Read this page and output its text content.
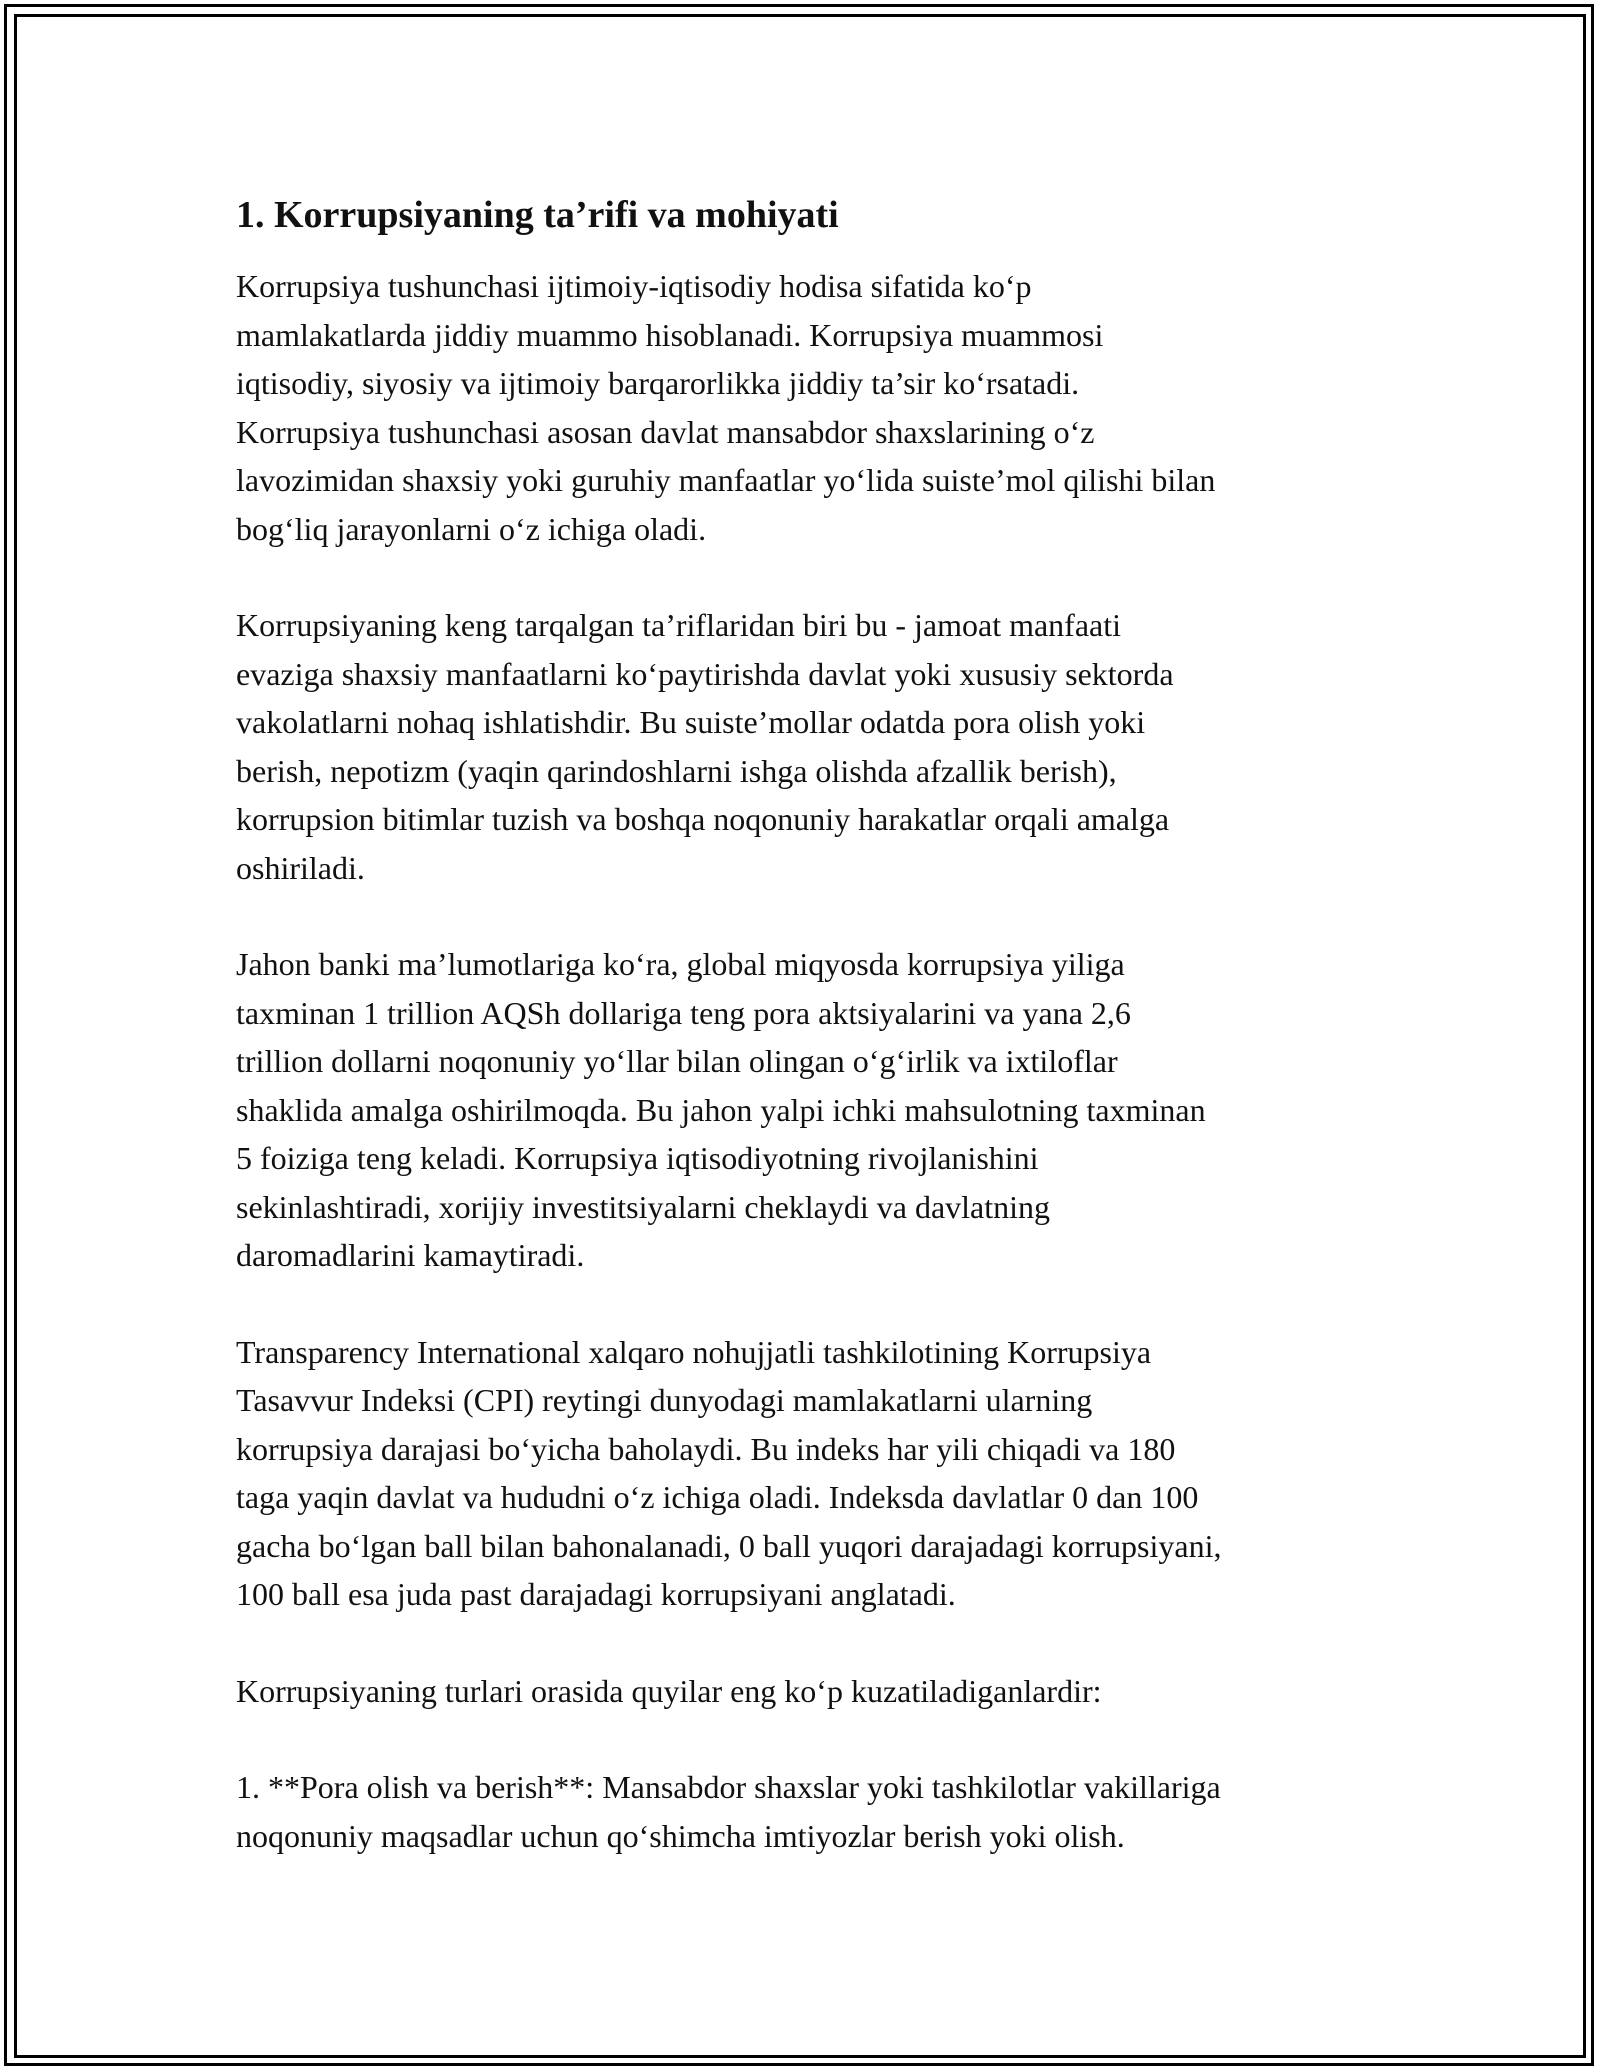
1. Korrupsiyaning ta’rifi va mohiyati

Korrupsiya tushunchasi ijtimoiy-iqtisodiy hodisa sifatida ko‘p
mamlakatlarda jiddiy muammo hisoblanadi. Korrupsiya muammosi
iqtisodiy, siyosiy va ijtimoiy barqarorlikka jiddiy ta’sir ko‘rsatadi.
Korrupsiya tushunchasi asosan davlat mansabdor shaxslarining o‘z
lavozimidan shaxsiy yoki guruhiy manfaatlar yo‘lida suiste’mol qilishi bilan
bog‘liq jarayonlarni o‘z ichiga oladi.

Korrupsiyaning keng tarqalgan ta’riflaridan biri bu - jamoat manfaati
evaziga shaxsiy manfaatlarni ko‘paytirishda davlat yoki xususiy sektorda
vakolatlarni nohaq ishlatishdir. Bu suiste’mollar odatda pora olish yoki
berish, nepotizm (yaqin qarindoshlarni ishga olishda afzallik berish),
korrupsion bitimlar tuzish va boshqa noqonuniy harakatlar orqali amalga
oshiriladi.

Jahon banki ma’lumotlariga ko‘ra, global miqyosda korrupsiya yiliga
taxminan 1 trillion AQSh dollariga teng pora aktsiyalarini va yana 2,6
trillion dollarni noqonuniy yo‘llar bilan olingan o‘g‘irlik va ixtiloflar
shaklida amalga oshirilmoqda. Bu jahon yalpi ichki mahsulotning taxminan
5 foiziga teng keladi. Korrupsiya iqtisodiyotning rivojlanishini
sekinlashtiradi, xorijiy investitsiyalarni cheklaydi va davlatning
daromadlarini kamaytiradi.

Transparency International xalqaro nohujjatli tashkilotining Korrupsiya
Tasavvur Indeksi (CPI) reytingi dunyodagi mamlakatlarni ularning
korrupsiya darajasi bo‘yicha baholaydi. Bu indeks har yili chiqadi va 180
taga yaqin davlat va hududni o‘z ichiga oladi. Indeksda davlatlar 0 dan 100
gacha bo‘lgan ball bilan bahonalanadi, 0 ball yuqori darajadagi korrupsiyani,
100 ball esa juda past darajadagi korrupsiyani anglatadi.

Korrupsiyaning turlari orasida quyilar eng ko‘p kuzatiladiganlardir:

1. **Pora olish va berish**: Mansabdor shaxslar yoki tashkilotlar vakillariga
noqonuniy maqsadlar uchun qo‘shimcha imtiyozlar berish yoki olish.
